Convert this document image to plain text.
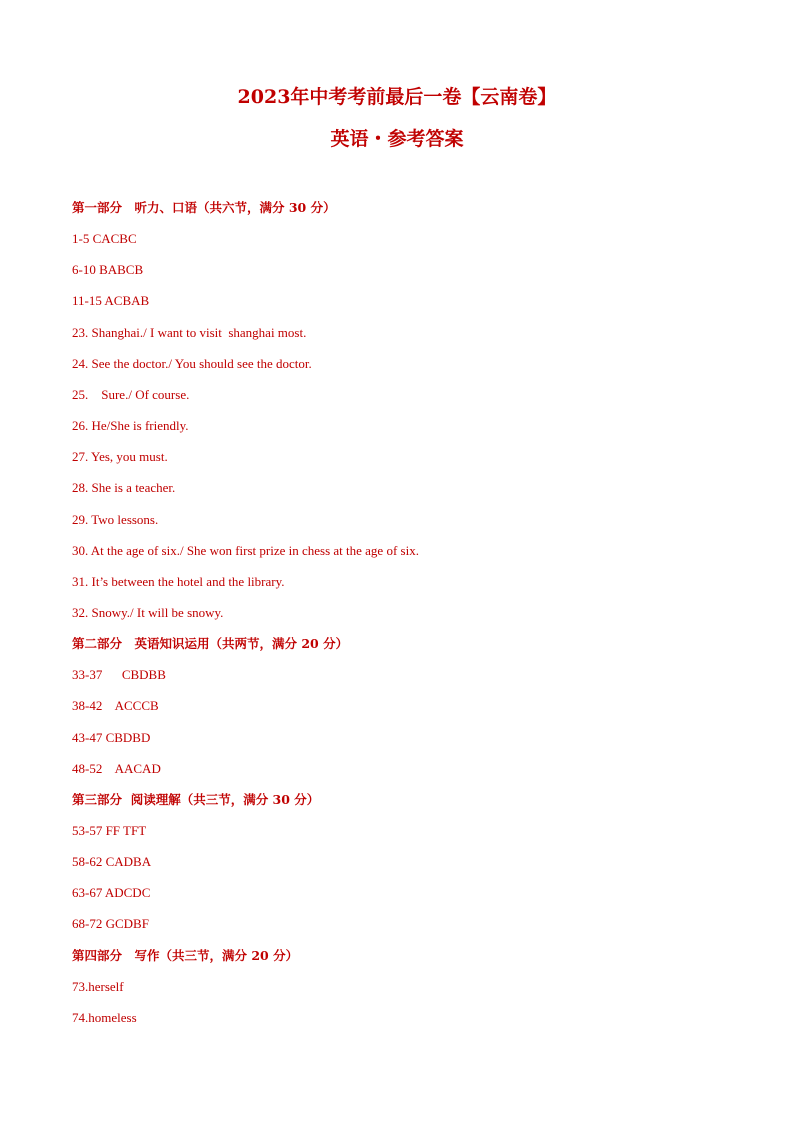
2023年中考考前最后一卷【云南卷】
英语・参考答案
第一部分　听力、口语（共六节，满分 30 分）
1-5 CACBC
6-10 BABCB
11-15 ACBAB
23. Shanghai./ I want to visit  shanghai most.
24. See the doctor./ You should see the doctor.
25.    Sure./ Of course.
26. He/She is friendly.
27. Yes, you must.
28. She is a teacher.
29. Two lessons.
30. At the age of six./ She won first prize in chess at the age of six.
31. It’s between the hotel and the library.
32. Snowy./ It will be snowy.
第二部分　英语知识运用（共两节，满分 20 分）
33-37      CBDBB
38-42    ACCCB
43-47 CBDBD
48-52    AACAD
第三部分  阅读理解（共三节，满分 30 分）
53-57 FF TFT
58-62 CADBA
63-67 ADCDC
68-72 GCDBF
第四部分　写作（共三节，满分 20 分）
73.herself
74.homeless
